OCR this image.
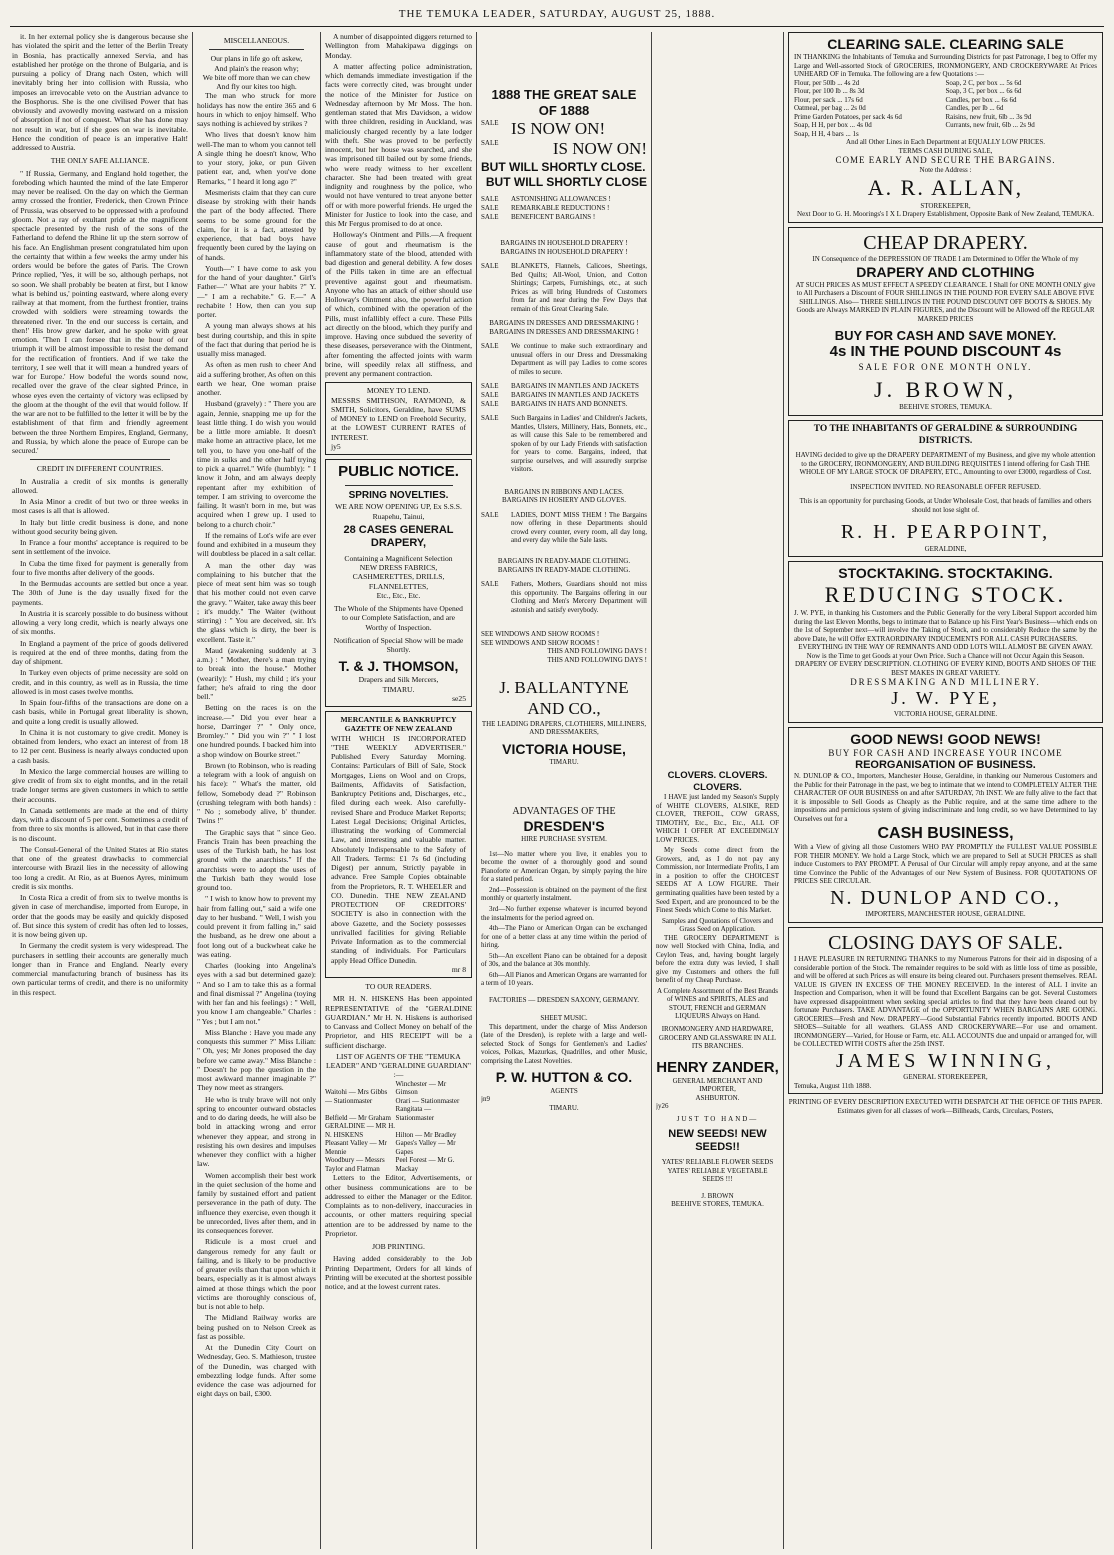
THE TEMUKA LEADER, SATURDAY, AUGUST 25, 1888.

it. In her external policy she is dangerous because she has violated the spirit and the letter of the Berlin Treaty in Bosnia, has practically annexed Servia, and has established her protége on the throne of Bulgaria, and is pursuing a policy of Drang nach Osten, which will inevitably bring her into collision with Russia, who imposes an irrevocable veto on the Austrian advance to the Bosphorus. She is the one civilised Power that has obviously and avowedly moving eastward on a mission of absorption if not of conquest. What she has done may not result in war, but if she goes on war is inevitable. Hence the condition of peace is an imperative Halt! addressed to Austria.

THE ONLY SAFE ALLIANCE.

" If Russia, Germany, and England hold together, the foreboding which haunted the mind of the late Emperor may never be realised. On the day on which the German army crossed the frontier, Frederick, then Crown Prince of Prussia, was observed to be oppressed with a profound gloom. Not a ray of exultant pride at the magnificent spectacle presented by the rush of the sons of the Fatherland to defend the Rhine lit up the stern sorrow of his face. An Englishman present congratulated him upon the certainty that within a few weeks the army under his orders would be before the gates of Paris. The Crown Prince replied, 'Yes, it will be so, although perhaps, not so soon. We shall probably be beaten at first, but I know what is behind us,' pointing eastward, where along every railway at that moment, from the furthest frontier, trains crowded with soldiers were streaming towards the threatened river. 'In the end our success is certain, and then!' His brow grew darker, and he spoke with great emotion. 'Then I can forsee that in the hour of our triumph it will be almost impossible to resist the demand for the rectification of frontiers. And if we take the territory, I see well that it will mean a hundred years of war for Europe.' How bodeful the words sound now, recalled over the grave of the clear sighted Prince, in whose eyes even the certainty of victory was eclipsed by the gloom at the thought of the evil that would follow. If the war are not to be fulfilled to the letter it will be by the establishment of that firm and friendly agreement between the three Northern Empires, England, Germany, and Russia, by which alone the peace of Europe can be secured.'

CREDIT IN DIFFERENT COUNTRIES.

In Australia a credit of six months is generally allowed.

In Asia Minor a credit of but two or three weeks in most cases is all that is allowed.

In Italy but little credit business is done, and none without good security being given.

In France a four months' acceptance is required to be sent in settlement of the invoice.

In Cuba the time fixed for payment is generally from four to five months after delivery of the goods.

In the Bermudas accounts are settled but once a year. The 30th of June is the day usually fixed for the payments.

In Austria it is scarcely possible to do business without allowing a very long credit, which is nearly always one of six months.

In England a payment of the price of goods delivered is required at the end of three months, dating from the day of shipment.

In Turkey even objects of prime necessity are sold on credit, and in this country, as well as in Russia, the time allowed is in most cases twelve months.

In Spain four-fifths of the transactions are done on a cash basis, while in Portugal great liberality is shown, and quite a long credit is usually allowed.

In China it is not customary to give credit. Money is obtained from lenders, who exact an interest of from 18 to 12 per cent. Business is nearly always conducted upon a cash basis.

In Mexico the large commercial houses are willing to give credit of from six to eight months, and in the retail trade longer terms are given customers in which to settle their accounts.

In Canada settlements are made at the end of thirty days, with a discount of 5 per cent. Sometimes a credit of from three to six months is allowed, but in that case there is no discount.

The Consul-General of the United States at Rio states that one of the greatest drawbacks to commercial intercourse with Brazil lies in the necessity of allowing too long a credit. At Rio, as at Buenos Ayres, minimum credit is six months.

In Costa Rica a credit of from six to twelve months is given in case of merchandise, imported from Europe, in order that the goods may be easily and quickly disposed of. But since this system of credit has often led to losses, it is now being given up.

In Germany the credit system is very widespread. The purchasers in settling their accounts are generally much longer than in France and England. Nearly every commercial manufacturing branch of business has its own particular terms of credit, and there is no uniformity in this respect.

MISCELLANEOUS.
Our plans in life go oft askew,
And plain's the reason why;
We bite off more than we can chew
And fly our kites too high.

The man who struck for more holidays has now the entire 365 and 6 hours in which to enjoy himself. Who says nothing is achieved by strikes ?

Who lives that doesn't know him well-The man to whom you cannot tell A single thing he doesn't know, Who to your story, joke, or pun Given patient ear, and, when you've done Remarks, " I heard it long ago ?"

Mesmerists claim that they can cure disease by stroking with their hands the part of the body affected. There seems to be some ground for the claim, for it is a fact, attested by experience, that bad boys have frequently been cured by the laying on of hands.

Youth—" I have come to ask you for the hand of your daughter." Girl's Father—" What are your habits ?" Y.—" I am a rechabite." G. F.—" A rechabite ! How, then can you sup porter.

A young man always shows at his best during courtship, and this in spite of the fact that during that period he is usually miss managed.

As often as men rush to cheer And aid a suffering brother, As often on this earth we hear, One woman praise another.

Husband (gravely) : " There you are again, Jennie, snapping me up for the least little thing. I do wish you would be a little more amiable. It doesn't make home an attractive place, let me tell you, to have you one-half of the time in sulks and the other half trying to pick a quarrel." Wife (humbly): " I know it John, and am always deeply repentant after my exhibition of temper. I am striving to overcome the failing. It wasn't born in me, but was acquired when I grew up. I used to belong to a church choir."

If the remains of Lot's wife are ever found and exhibited in a museum they will doubtless be placed in a salt cellar.

A man the other day was complaining to his butcher that the piece of meat sent him was so tough that his mother could not even carve the gravy. " Waiter, take away this beer ; it's muddy." The Waiter (without stirring) : " You are deceived, sir. It's the glass which is dirty, the beer is excellent. Taste it."

Maud (awakening suddenly at 3 a.m.) : " Mother, there's a man trying to break into the house." Mother (wearily): " Hush, my child ; it's your father; he's afraid to ring the door bell."

Betting on the races is on the increase.—" Did you ever hear a horse, Darringer ?" " Only once, Bromley." " Did you win ?" " I lost one hundred pounds. I backed him into a shop window on Bourke street."

Brown (to Robinson, who is reading a telegram with a look of anguish on his face): " What's the matter, old fellow, Somebody dead ?" Robinson (crushing telegram with both hands) : " No ; somebody alive, b' thunder. Twins !"

The Graphic says that " since Geo. Francis Train has been preaching the uses of the Turkish bath, he has lost ground with the anarchists." If the anarchists were to adopt the uses of the Turkish bath they would lose ground too.

" I wish to know how to prevent my hair from falling out," said a wife one day to her husband. " Well, I wish you could prevent it from falling in," said the husband, as he drew one about a foot long out of a buckwheat cake he was eating.

Charles (looking into Angelina's eyes with a sad but determined gaze): " And so I am to take this as a formal and final dismissal ?" Angelina (toying with her fan and his feelings) : " Well, you know I am changeable." Charles : " Yes ; but I am not."

Miss Blanche : Have you made any conquests this summer ?" Miss Lilian: " Oh, yes; Mr Jones proposed the day before we came away." Miss Blanche : " Doesn't he pop the question in the most awkward manner imaginable ?" They now meet as strangers.

He who is truly brave will not only spring to encounter outward obstacles and to do daring deeds, he will also be bold in attacking wrong and error whenever they appear, and strong in resisting his own desires and impulses whenever they conflict with a higher law.

Women accomplish their best work in the quiet seclusion of the home and family by sustained effort and patient perseverance in the path of duty. The influence they exercise, even though it be unrecorded, lives after them, and in its consequences forever.

Ridicule is a most cruel and dangerous remedy for any fault or failing, and is likely to be productive of greater evils than that upon which it bears, especially as it is almost always aimed at those things which the poor victims are thoroughly conscious of, but is not able to help.

The Midland Railway works are being pushed on to Nelson Creek as fast as possible.

At the Dunedin City Court on Wednesday, Geo. S. Mathieson, trustee of the Dunedin, was charged with embezzling lodge funds. After some evidence the case was adjourned for eight days on bail, £300.

A number of disappointed diggers returned to Wellington from Mahakipawa diggings on Monday.

A matter affecting police administration, which demands immediate investigation if the facts were correctly cited, was brought under the notice of the Minister for Justice on Wednesday afternoon by Mr Moss. The hon. gentleman stated that Mrs Davidson, a widow with three children, residing in Auckland, was maliciously charged recently by a late lodger with theft. She was proved to be perfectly innocent, but her house was searched, and she was imprisoned till bailed out by some friends, who were ready witness to her excellent character. She had been treated with great indignity and roughness by the police, who would not have ventured to treat anyone better off or with more powerful friends. He urged the Minister for Justice to look into the case, and this Mr Fergus promised to do at once.

Holloway's Ointment and Pills.—A frequent cause of gout and rheumatism is the inflammatory state of the blood, attended with bad digestion and general debility. A few doses of the Pills taken in time are an effectual preventive against gout and rheumatism. Anyone who has an attack of either should use Holloway's Ointment also, the powerful action of which, combined with the operation of the Pills, must infallibly effect a cure. These Pills act directly on the blood, which they purify and improve. Having once subdued the severity of these diseases, perseverance with the Ointment, after fomenting the affected joints with warm brine, will speedily relax all stiffness, and prevent any permanent contraction.

MONEY TO LEND.
MESSRS SMITHSON, RAYMOND, & SMITH, Solicitors, Geraldine, have SUMS of MONEY to LEND on Freehold Security, at the LOWEST CURRENT RATES of INTEREST.
jy5
PUBLIC NOTICE.
SPRING NOVELTIES.
WE ARE NOW OPENING UP, Ex S.S.S. Ruapehu, Tainui,
28 CASES GENERAL DRAPERY,
Containing a Magnificent Selection
NEW DRESS FABRICS,
CASHMERETTES, DRILLS,
FLANNELETTES,
Etc., Etc., Etc.
The Whole of the Shipments have Opened to our Complete Satisfaction, and are Worthy of Inspection.
Notification of Special Show will be made Shortly.
T. & J. THOMSON,
Drapers and Silk Mercers,
TIMARU.
se25
MERCANTILE & BANKRUPTCY GAZETTE OF NEW ZEALAND
WITH WHICH IS INCORPORATED "THE WEEKLY ADVERTISER." Published Every Saturday Morning. Contains: Particulars of Bill of Sale, Stock Mortgages, Liens on Wool and on Crops, Bailments, Affidavits of Satisfaction, Bankruptcy Petitions and, Discharges, etc., filed during each week. Also carefully-revised Share and Produce Market Reports; Latest Legal Decisions; Original Articles, illustrating the working of Commercial Law, and interesting and valuable matter. Absolutely Indispensable to the Safety of All Traders. Terms: £1 7s 6d (including Digest) per annum, Strictly payable in advance. Free Sample Copies obtainable from the Proprietors, R. T. WHEELER and CO. Dunedin. THE NEW ZEALAND PROTECTION OF CREDITORS' SOCIETY is also in connection with the above Gazette, and the Society possesses unrivalled facilities for giving Reliable Private Information as to the commercial standing of individuals. For Particulars apply Head Office Dunedin.
mr 8
TO OUR READERS.

MR H. N. HISKENS Has been appointed REPRESENTATIVE of the "GERALDINE GUARDIAN." Mr H. N. Hiskens is authorised to Canvass and Collect Money on behalf of the Proprietor, and HIS RECEIPT will be a sufficient discharge.

LIST OF AGENTS OF THE "TEMUKA LEADER" AND "GERALDINE GUARDIAN" :—
Waitohi — Mrs GibbsWinchester — Mr Gimson— Stationmaster	Orari — StationmasterBelfield — Mr GrahamRangitata — StationmasterGERALDINE — MR H. N. HISKENS	Hilton — Mr BradleyPleasant Valley — Mr MennieGapes's Valley — Mr GapesWoodbury — Messrs Taylor and FlatmanPeel Forest — Mr G. Mackay

Letters to the Editor, Advertisements, or other business communications are to be addressed to either the Manager or the Editor. Complaints as to non-delivery, inaccuracies in accounts, or other matters requiring special attention are to be addressed by name to the Proprietor.

JOB PRINTING.

Having added considerably to the Job Printing Department, Orders for all kinds of Printing will be executed at the shortest possible notice, and at the lowest current rates.

1888 THE GREAT SALE OF 1888
SALE IS NOW ON!
SALE	IS NOW ON!
BUT WILL SHORTLY CLOSE.
BUT WILL SHORTLY CLOSE
SALE	ASTONISHING ALLOWANCES !
SALE	REMARKABLE REDUCTIONS !
SALE	BENEFICENT BARGAINS !
BARGAINS IN HOUSEHOLD DRAPERY !
BARGAINS IN HOUSEHOLD DRAPERY !
SALE	BLANKETS, Flannels, Calicoes, Sheetings, Bed Quilts; All-Wool, Union, and Cotton Shirtings; Carpets, Furnishings, etc., at such Prices as will bring Hundreds of Customers from far and near during the Few Days that remain of this Great Clearing Sale.
BARGAINS IN DRESSES AND DRESSMAKING !
BARGAINS IN DRESSES AND DRESSMAKING !
SALE	We continue to make such extraordinary and unusual offers in our Dress and Dressmaking Department as will pay Ladies to come scores of miles to secure.
SALE	BARGAINS IN MANTLES AND JACKETS
SALE	BARGAINS IN MANTLES AND JACKETS
SALE	BARGAINS IN HATS AND BONNETS.
SALE	Such Bargains in Ladies' and Children's Jackets, Mantles, Ulsters, Millinery, Hats, Bonnets, etc., as will cause this Sale to be remembered and spoken of by our Lady Friends with satisfaction for years to come. Bargains, indeed, that surprise ourselves, and will assuredly surprise visitors.
BARGAINS IN RIBBONS AND LACES.
BARGAINS IN HOSIERY AND GLOVES.
SALE	LADIES, DON'T MISS THEM ! The Bargains now offering in these Departments should crowd every counter, every room, all day long, and every day while the Sale lasts.
BARGAINS IN READY-MADE CLOTHING.
BARGAINS IN READY-MADE CLOTHING.
SALE	Fathers, Mothers, Guardians should not miss this opportunity. The Bargains offering in our Clothing and Men's Mercery Department will astonish and satisfy everybody.
SEE WINDOWS AND SHOW ROOMS !
SEE WINDOWS AND SHOW ROOMS !
THIS AND FOLLOWING DAYS !
THIS AND FOLLOWING DAYS !
J. BALLANTYNE AND CO.,
THE LEADING DRAPERS, CLOTHIERS, MILLINERS, AND DRESSMAKERS,
VICTORIA HOUSE,
TIMARU.
ADVANTAGES OF THE
DRESDEN'S
HIRE PURCHASE SYSTEM.

1st—No matter where you live, it enables you to become the owner of a thoroughly good and sound Pianoforte or American Organ, by simply paying the hire for a stated period.

2nd—Possession is obtained on the payment of the first monthly or quarterly instalment.

3rd—No further expense whatever is incurred beyond the instalments for the period agreed on.

4th—The Piano or American Organ can be exchanged for one of a better class at any time within the period of hiring.

5th—An excellent Piano can be obtained for a deposit of 30s, and the balance at 30s monthly.

6th—All Pianos and American Organs are warranted for a term of 10 years.

FACTORIES — DRESDEN SAXONY, GERMANY.
SHEET MUSIC.

This department, under the charge of Miss Anderson (late of the Dresden), is replete with a large and well-selected Stock of Songs for Gentlemen's and Ladies' voices, Polkas, Mazurkas, Quadrilles, and other Music, comprising the Latest Novelties.

P. W. HUTTON & CO.
AGENTS
jn9
TIMARU.
CLOVERS. CLOVERS. CLOVERS.

I HAVE just landed my Season's Supply of WHITE CLOVERS, ALSIKE, RED CLOVER, TREFOIL, COW GRASS, TIMOTHY, Etc., Etc., Etc., ALL OF WHICH I OFFER AT EXCEEDINGLY LOW PRICES.

My Seeds come direct from the Growers, and, as I do not pay any Commission, nor Intermediate Profits, I am in a position to offer the CHOICEST SEEDS AT A LOW FIGURE. Their germinating qualities have been tested by a Seed Expert, and are pronounced to be the Finest Seeds which Come to this Market.

Samples and Quotations of Clovers and Grass Seed on Application.

THE GROCERY DEPARTMENT is now well Stocked with China, India, and Ceylon Teas, and, having bought largely before the extra duty was levied, I shall give my Customers and others the full benefit of my Cheap Purchase.

A Complete Assortment of the Best Brands of WINES and SPIRITS, ALES and STOUT, FRENCH and GERMAN LIQUEURS Always on Hand.
IRONMONGERY AND HARDWARE, GROCERY AND GLASSWARE IN ALL ITS BRANCHES.
HENRY ZANDER,
GENERAL MERCHANT AND IMPORTER,
ASHBURTON.
jy26
JUST TO HAND—
NEW SEEDS! NEW SEEDS!!
YATES' RELIABLE FLOWER SEEDS
YATES' RELIABLE VEGETABLE SEEDS !!!
J. BROWN
BEEHIVE STORES, TEMUKA.
CLEARING SALE. CLEARING SALE
IN THANKING the Inhabitants of Temuka and Surrounding Districts for past Patronage, I beg to Offer my Large and Well-assorted Stock of GROCERIES, IRONMONGERY, AND CROCKERYWARE At Prices UNHEARD OF in Temuka. The following are a few Quotations :—
Flour, per 50lb ... 4s 2d
Flour, per 100 lb ... 8s 3d
Flour, per sack ... 17s 6d
Oatmeal, per bag ... 2s 0d
Prime Garden Potatoes, per sack 4s 6d
Soap, H H, per box ... 4s 0d
Soap, H H, 4 bars ... 1s
Soap, 2 C, per box ... 5s 6d
Soap, 3 C, per box ... 6s 6d
Candles, per box ... 6s 6d
Candles, per lb ... 6d
Raisins, new fruit, 6lb ... 3s 9d
Currants, new fruit, 6lb ... 2s 9d
And all Other Lines in Each Department at EQUALLY LOW PRICES.
TERMS CASH DURING SALE,
COME EARLY AND SECURE THE BARGAINS.
Note the Address :
A. R. ALLAN,
STOREKEEPER,
Next Door to G. H. Moorings's I X L Drapery Establishment, Opposite Bank of New Zealand, TEMUKA.
CHEAP DRAPERY.
IN Consequence of the DEPRESSION OF TRADE I am Determined to Offer the Whole of my
DRAPERY AND CLOTHING
AT SUCH PRICES AS MUST EFFECT A SPEEDY CLEARANCE. I Shall for ONE MONTH ONLY give to All Purchasers a Discount of FOUR SHILLINGS IN THE POUND FOR EVERY SALE ABOVE FIVE SHILLINGS. Also— THREE SHILLINGS IN THE POUND DISCOUNT OFF BOOTS & SHOES. My Goods are Always MARKED IN PLAIN FIGURES, and the Discount will be Allowed off the REGULAR MARKED PRICES
BUY FOR CASH AND SAVE MONEY.
4s IN THE POUND DISCOUNT 4s
SALE FOR ONE MONTH ONLY.
J. BROWN,
BEEHIVE STORES, TEMUKA.
TO THE INHABITANTS OF GERALDINE & SURROUNDING DISTRICTS.
HAVING decided to give up the DRAPERY DEPARTMENT of my Business, and give my whole attention to the GROCERY, IRONMONGERY, AND BUILDING REQUISITES I intend offering for Cash THE WHOLE OF MY LARGE STOCK OF DRAPERY, ETC., Amounting to over £3000, regardless of Cost.
INSPECTION INVITED. NO REASONABLE OFFER REFUSED.
This is an opportunity for purchasing Goods, at Under Wholesale Cost, that heads of families and others should not lose sight of.
R. H. PEARPOINT,
GERALDINE,
STOCKTAKING. STOCKTAKING.
REDUCING STOCK.
J. W. PYE, in thanking his Customers and the Public Generally for the very Liberal Support accorded him during the last Eleven Months, begs to intimate that to Balance up his First Year's Business—which ends on the 1st of September next—will involve the Taking of Stock, and to considerably Reduce the same by the above Date, he will Offer EXTRAORDINARY INDUCEMENTS FOR ALL CASH PURCHASERS.
EVERYTHING IN THE WAY OF REMNANTS AND ODD LOTS WILL ALMOST BE GIVEN AWAY.
Now is the Time to get Goods at your Own Price. Such a Chance will not Occur Again this Season.
DRAPERY OF EVERY DESCRIPTION. CLOTHING OF EVERY KIND, BOOTS AND SHOES OF THE BEST MAKES IN GREAT VARIETY.
DRESSMAKING AND MILLINERY.
J. W. PYE,
VICTORIA HOUSE, GERALDINE.
GOOD NEWS! GOOD NEWS!
BUY FOR CASH AND INCREASE YOUR INCOME
REORGANISATION OF BUSINESS.
N. DUNLOP & CO., Importers, Manchester House, Geraldine, in thanking our Numerous Customers and the Public for their Patronage in the past, we beg to intimate that we intend to COMPLETELY ALTER THE CHARACTER OF OUR BUSINESS on and after SATURDAY, 7th INST. We are fully alive to the fact that it is impossible to Sell Goods as Cheaply as the Public require, and at the same time adhere to the impositions and pernicious system of giving indiscriminate and long credit, so we have Determined to lay Ourselves out for a
CASH BUSINESS,
With a View of giving all those Customers WHO PAY PROMPTLY the FULLEST VALUE POSSIBLE FOR THEIR MONEY. We hold a Large Stock, which we are prepared to Sell at SUCH PRICES as shall induce Customers to PAY PROMPT. A Perusal of Our Circular will amply repay anyone, and at the same time Convince the Public of the Advantages of our New System of Business. FOR QUOTATIONS OF PRICES SEE CIRCULAR.
N. DUNLOP AND CO.,
IMPORTERS, MANCHESTER HOUSE, GERALDINE.
CLOSING DAYS OF SALE.
I HAVE PLEASURE IN RETURNING THANKS to my Numerous Patrons for their aid in disposing of a considerable portion of the Stock. The remainder requires to be sold with as little loss of time as possible, and will be offered at such Prices as will ensure its being cleared out. Purchasers present themselves. REAL VALUE IS GIVEN IN EXCESS OF THE MONEY RECEIVED. In the interest of ALL I invite an Inspection and Comparison, when it will be found that Excellent Bargains can be got. Several Customers have expressed disappointment when seeking special articles to find that they have been cleared out by fortunate Purchasers. TAKE ADVANTAGE of the OPPORTUNITY WHEN BARGAINS ARE GOING. GROCERIES—Fresh and New. DRAPERY—Good Substantial Fabrics recently imported. BOOTS AND SHOES—Suitable for all weathers. GLASS AND CROCKERYWARE—For use and ornament. IRONMONGERY—Varied, for House or Farm, etc. ALL ACCOUNTS due and unpaid or arranged for, will be COLLECTED WITH COSTS after the 25th INST.
JAMES WINNING,
GENERAL STOREKEEPER,
Temuka, August 11th 1888.
PRINTING OF EVERY DESCRIPTION EXECUTED WITH DESPATCH AT THE OFFICE OF THIS PAPER.
Estimates given for all classes of work—Billheads, Cards, Circulars, Posters,
